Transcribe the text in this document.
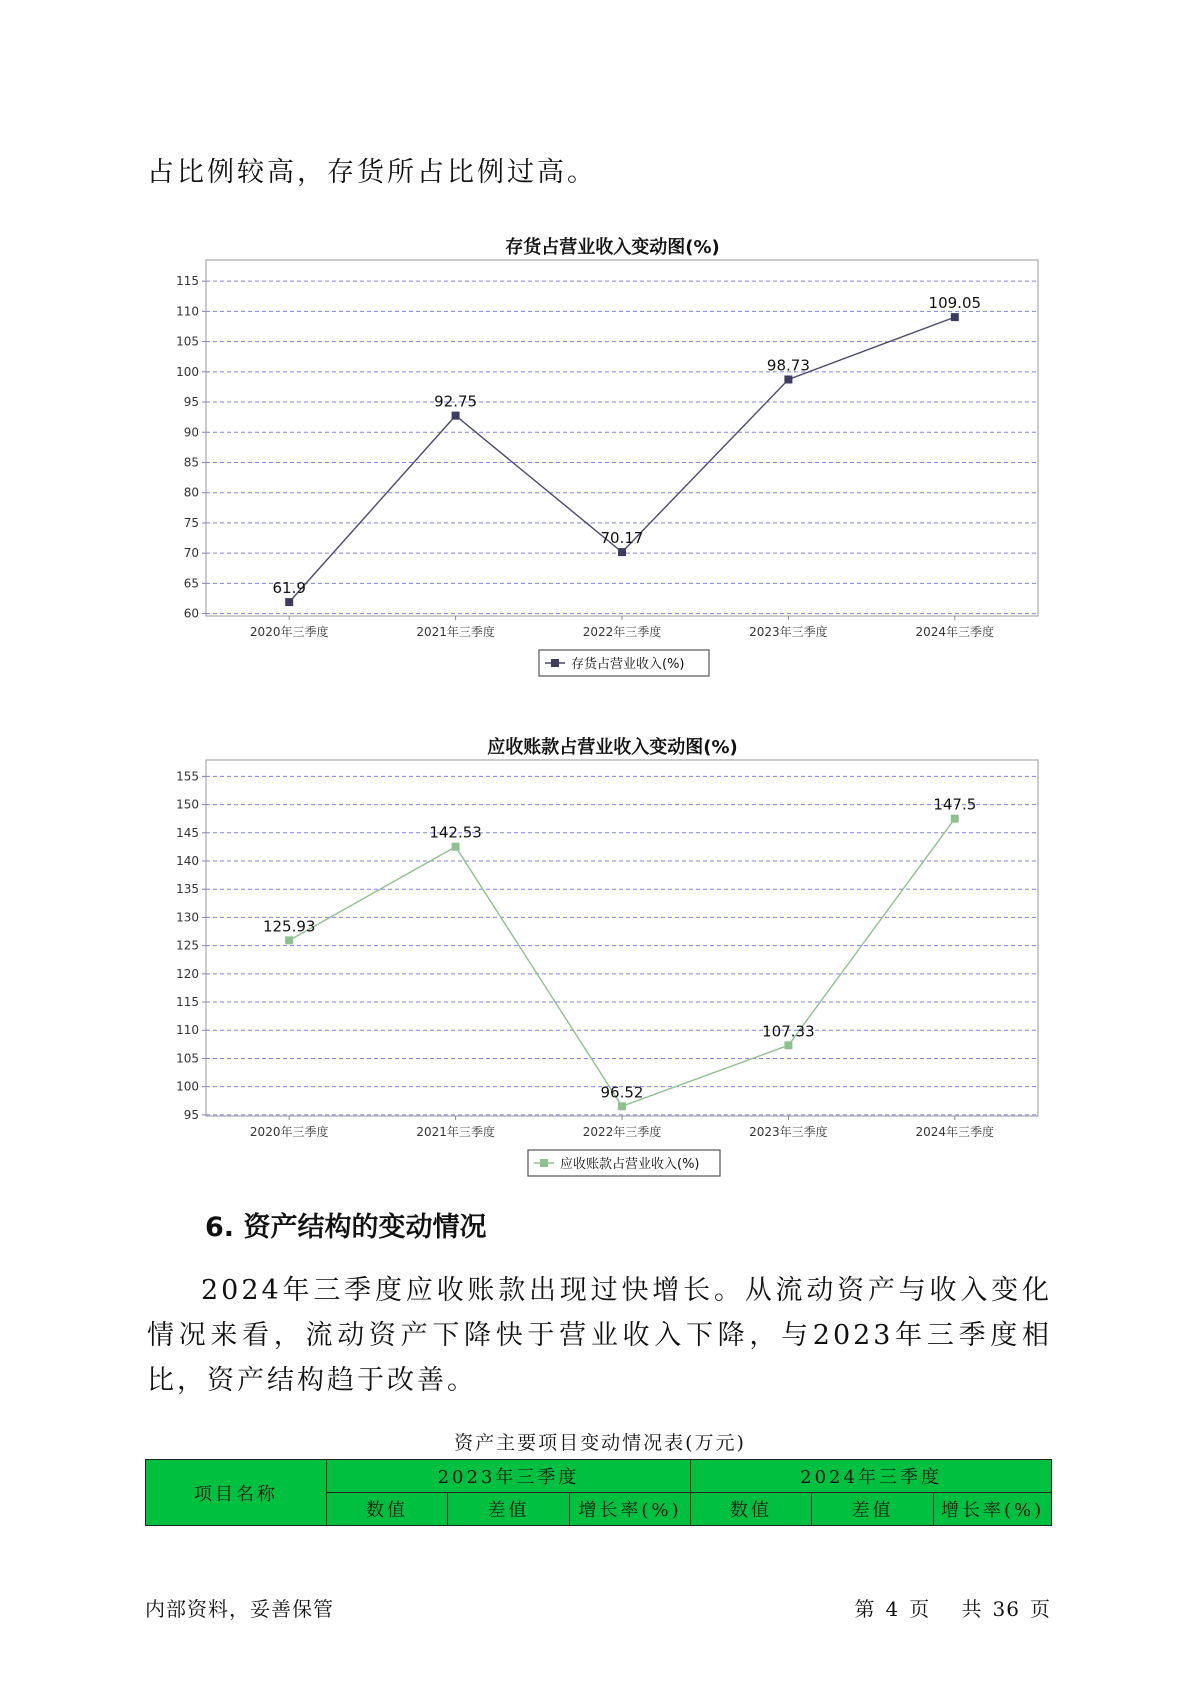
占比例较高，存货所占比例过高。

存货占营业收入变动图(%)
60
65
70
75
80
85
90
95
100
105
110
115
2020年三季度	2021年三季度	2022年三季度	2023年三季度	2024年三季度
61.9
92.75
70.17
98.73
109.05
存货占营业收入(%)
应收账款占营业收入变动图(%)
95
100
105
110
115
120
125
130
135
140
145
150
155
2020年三季度	2021年三季度	2022年三季度	2023年三季度	2024年三季度
125.93
142.53
96.52
107.33
147.5
应收账款占营业收入(%)
6. 资产结构的变动情况

2024年三季度应收账款出现过快增长。从流动资产与收入变化情况来看，流动资产下降快于营业收入下降，与2023年三季度相比，资产结构趋于改善。

资产主要项目变动情况表(万元)
项目名称	2023年三季度			2024年三季度		
	数值	差值	增长率(%)	数值	差值	增长率(%)
内部资料，妥善保管	第 4 页 共 36 页
